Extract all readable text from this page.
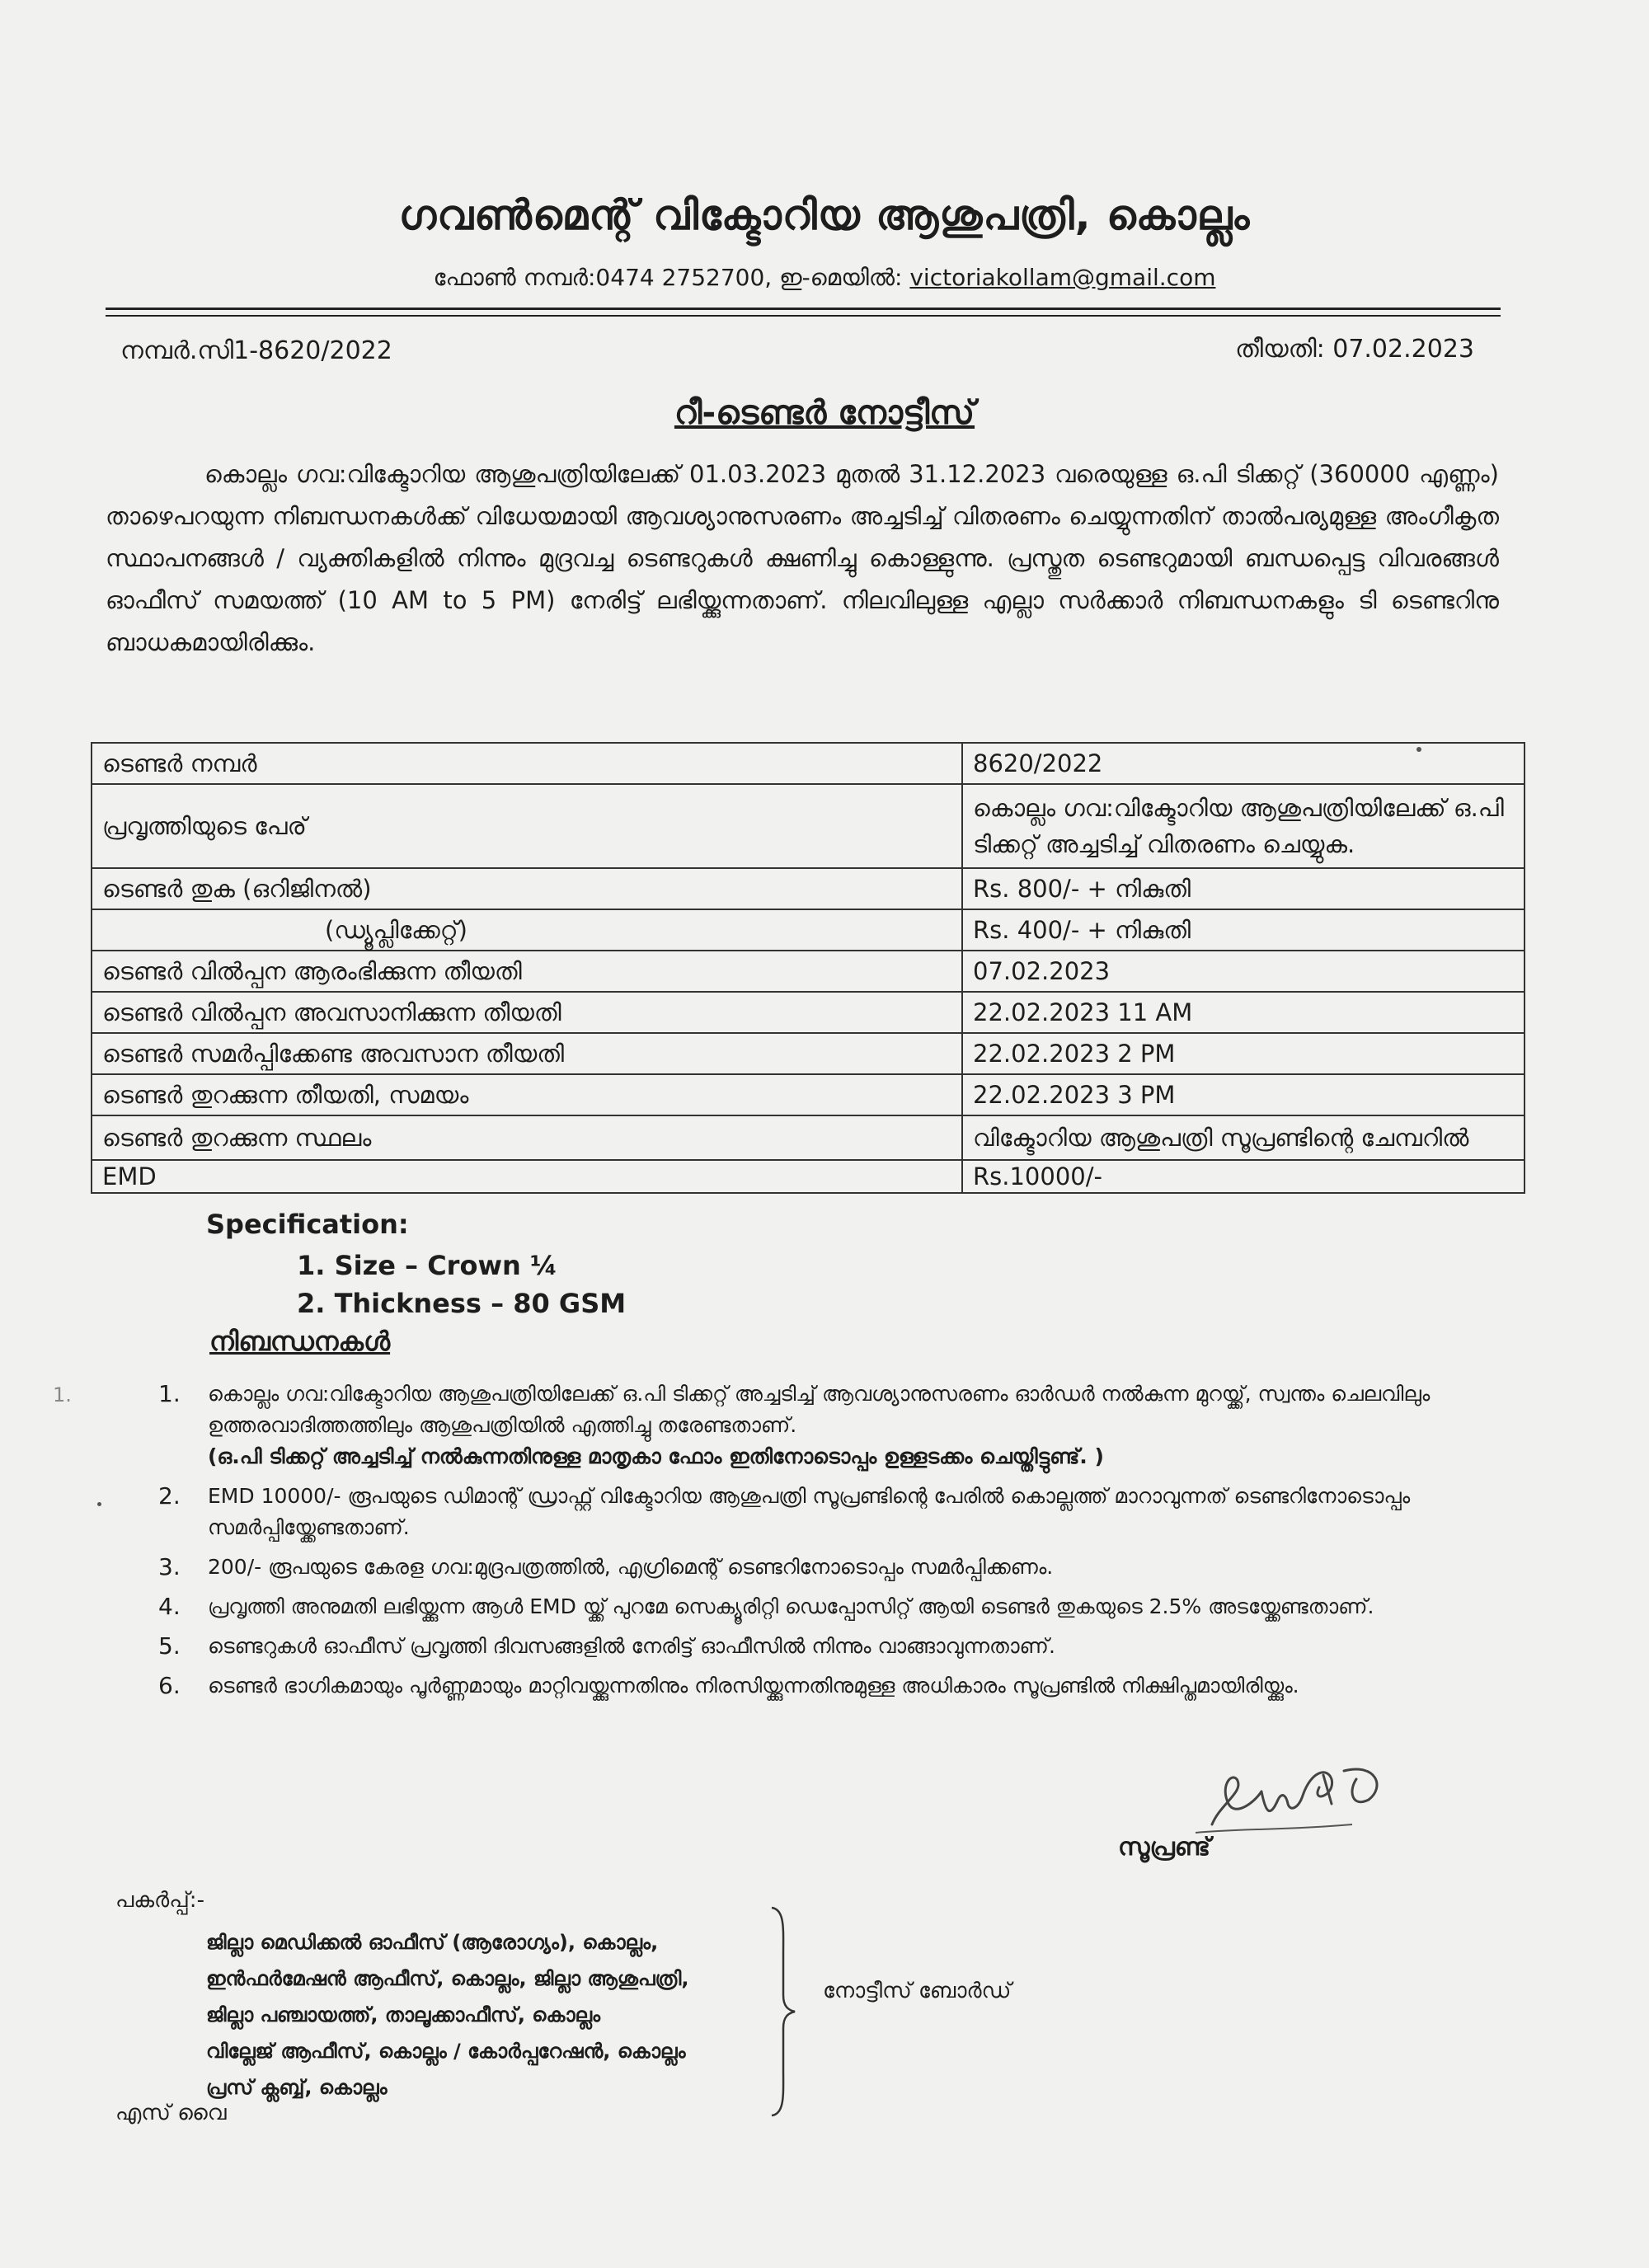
ഗവൺമെന്റ് വിക്ടോറിയ ആശുപത്രി, കൊല്ലം
ഫോൺ നമ്പർ:0474 2752700, ഇ-മെയിൽ: victoriakollam@gmail.com
നമ്പർ.സി1-8620/2022	തീയതി: 07.02.2023
റീ-ടെണ്ടർ നോട്ടീസ്
കൊല്ലം ഗവ:വിക്ടോറിയ ആശുപത്രിയിലേക്ക് 01.03.2023 മുതൽ 31.12.2023 വരെയുള്ള ഒ.പി ടിക്കറ്റ് (360000 എണ്ണം) താഴെപറയുന്ന നിബന്ധനകൾക്ക് വിധേയമായി ആവശ്യാനുസരണം അച്ചടിച്ച് വിതരണം ചെയ്യുന്നതിന് താൽപര്യമുള്ള അംഗീകൃത സ്ഥാപനങ്ങൾ / വ്യക്തികളിൽ നിന്നും മുദ്രവച്ച ടെണ്ടറുകൾ ക്ഷണിച്ചു കൊള്ളുന്നു. പ്രസ്തുത ടെണ്ടറുമായി ബന്ധപ്പെട്ട വിവരങ്ങൾ ഓഫീസ് സമയത്ത് (10 AM to 5 PM) നേരിട്ട് ലഭിയ്ക്കുന്നതാണ്. നിലവിലുള്ള എല്ലാ സർക്കാർ നിബന്ധനകളും ടി ടെണ്ടറിനു ബാധകമായിരിക്കും.
ടെണ്ടർ നമ്പർ	8620/2022
പ്രവൃത്തിയുടെ പേര്	കൊല്ലം ഗവ:വിക്ടോറിയ ആശുപത്രിയിലേക്ക് ഒ.പി ടിക്കറ്റ് അച്ചടിച്ച് വിതരണം ചെയ്യുക.
ടെണ്ടർ തുക (ഒറിജിനൽ)	Rs. 800/- + നികുതി
(ഡ്യൂപ്ലിക്കേറ്റ്)	Rs. 400/- + നികുതി
ടെണ്ടർ വിൽപ്പന ആരംഭിക്കുന്ന തീയതി	07.02.2023
ടെണ്ടർ വിൽപ്പന അവസാനിക്കുന്ന തീയതി	22.02.2023 11 AM
ടെണ്ടർ സമർപ്പിക്കേണ്ട അവസാന തീയതി	22.02.2023 2 PM
ടെണ്ടർ തുറക്കുന്ന തീയതി, സമയം	22.02.2023 3 PM
ടെണ്ടർ തുറക്കുന്ന സ്ഥലം	വിക്ടോറിയ ആശുപത്രി സൂപ്രണ്ടിന്റെ ചേമ്പറിൽ
EMD	Rs.10000/-
Specification:
1. Size – Crown ¼
2. Thickness – 80 GSM
നിബന്ധനകൾ
1.	1. കൊല്ലം ഗവ:വിക്ടോറിയ ആശുപത്രിയിലേക്ക് ഒ.പി ടിക്കറ്റ് അച്ചടിച്ച് ആവശ്യാനുസരണം ഓർഡർ നൽകുന്ന മുറയ്ക്ക്, സ്വന്തം ചെലവിലും ഉത്തരവാദിത്തത്തിലും ആശുപത്രിയിൽ എത്തിച്ചു തരേണ്ടതാണ്.
(ഒ.പി ടിക്കറ്റ് അച്ചടിച്ച് നൽകുന്നതിനുള്ള മാതൃകാ ഫോം ഇതിനോടൊപ്പം ഉള്ളടക്കം ചെയ്തിട്ടുണ്ട്. )
2. EMD 10000/- രൂപയുടെ ഡിമാന്റ് ഡ്രാഫ്റ്റ് വിക്ടോറിയ ആശുപത്രി സൂപ്രണ്ടിന്റെ പേരിൽ കൊല്ലത്ത് മാറാവുന്നത് ടെണ്ടറിനോടൊപ്പം സമർപ്പിയ്ക്കേണ്ടതാണ്.
3. 200/- രൂപയുടെ കേരള ഗവ:മുദ്രപത്രത്തിൽ, എഗ്രിമെന്റ് ടെണ്ടറിനോടൊപ്പം സമർപ്പിക്കണം.
4. പ്രവൃത്തി അനുമതി ലഭിയ്ക്കുന്ന ആൾ EMD യ്ക്ക് പുറമേ സെക്യൂരിറ്റി ഡെപ്പോസിറ്റ് ആയി ടെണ്ടർ തുകയുടെ 2.5% അടയ്ക്കേണ്ടതാണ്.
5. ടെണ്ടറുകൾ ഓഫീസ് പ്രവൃത്തി ദിവസങ്ങളിൽ നേരിട്ട് ഓഫീസിൽ നിന്നും വാങ്ങാവുന്നതാണ്.
6. ടെണ്ടർ ഭാഗികമായും പൂർണ്ണമായും മാറ്റിവയ്ക്കുന്നതിനും നിരസിയ്ക്കുന്നതിനുമുള്ള അധികാരം സൂപ്രണ്ടിൽ നിക്ഷിപ്തമായിരിയ്ക്കും.
സൂപ്രണ്ട്
പകർപ്പ്:-
ജില്ലാ മെഡിക്കൽ ഓഫീസ് (ആരോഗ്യം), കൊല്ലം,
ഇൻഫർമേഷൻ ആഫീസ്, കൊല്ലം, ജില്ലാ ആശുപത്രി,
ജില്ലാ പഞ്ചായത്ത്, താലൂക്കാഫീസ്, കൊല്ലം
വില്ലേജ് ആഫീസ്, കൊല്ലം / കോർപ്പറേഷൻ, കൊല്ലം
പ്രസ് ക്ലബ്ബ്, കൊല്ലം
നോട്ടീസ് ബോർഡ്
എസ് വൈ
